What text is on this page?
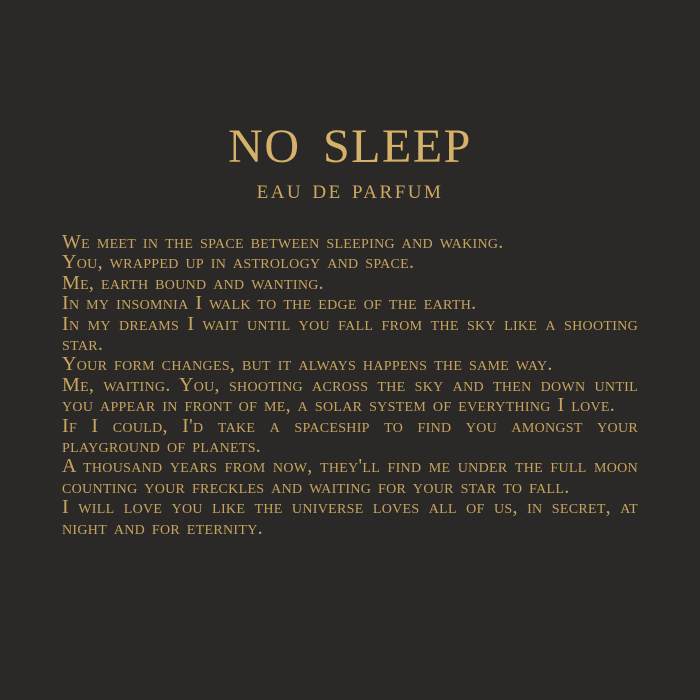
NO SLEEP
EAU DE PARFUM

We meet in the space between sleeping and waking.

You, wrapped up in astrology and space.

Me, earth bound and wanting.

In my insomnia I walk to the edge of the earth.

In my dreams I wait until you fall from the sky like a shooting star.

Your form changes, but it always happens the same way.

Me, waiting. You, shooting across the sky and then down until you appear in front of me, a solar system of everything I love.

If I could, I'd take a spaceship to find you amongst your playground of planets.

A thousand years from now, they'll find me under the full moon counting your freckles and waiting for your star to fall.

I will love you like the universe loves all of us, in secret, at night and for eternity.
